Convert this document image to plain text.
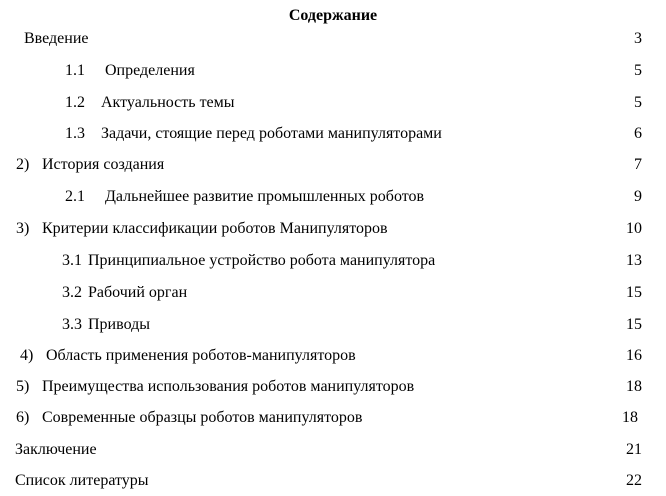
Содержание
Введение	3
1.1 Определения	5
1.2 Актуальность темы	5
1.3 Задачи, стоящие перед роботами манипуляторами	6
2) История создания	7
2.1 Дальнейшее развитие промышленных роботов	9
3) Критерии классификации роботов Манипуляторов	10
3.1 Принципиальное устройство робота манипулятора	13
3.2 Рабочий орган	15
3.3 Приводы	15
4) Область применения роботов-манипуляторов	16
5) Преимущества использования роботов манипуляторов	18
6) Современные образцы роботов манипуляторов	18
Заключение	21
Список литературы	22
